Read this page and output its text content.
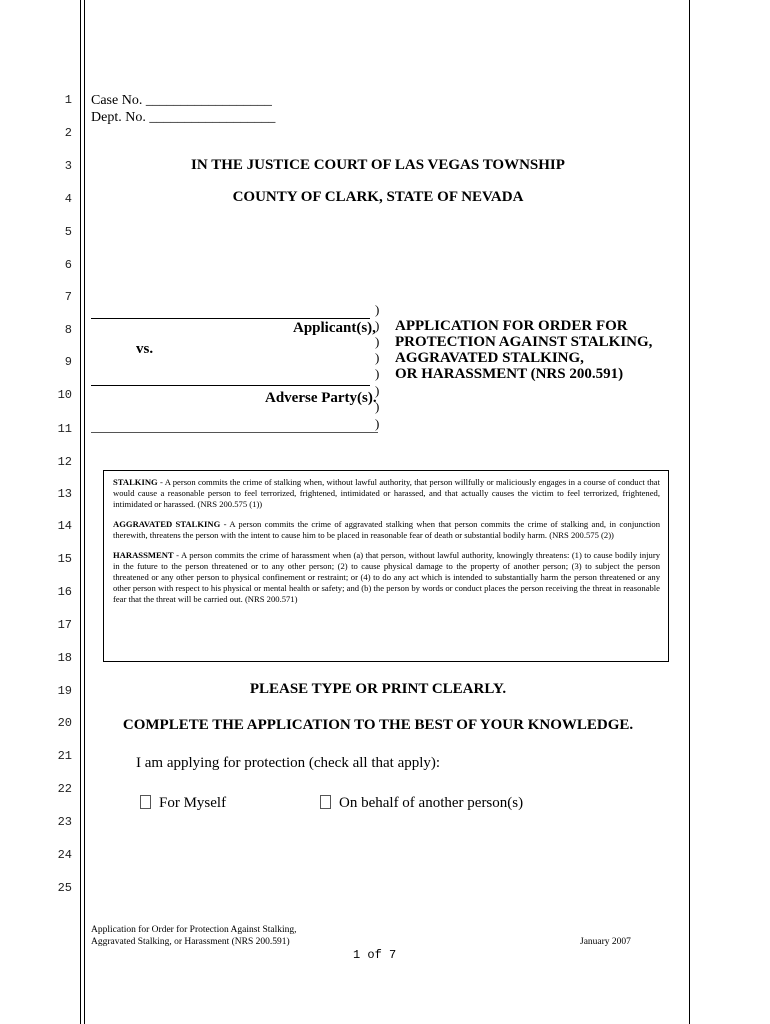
1
2
3
4
5
6
7
8
9
10
11
12
13
14
15
16
17
18
19
20
21
22
23
24
25
Case No. __________________
Dept. No. __________________
IN THE JUSTICE COURT OF LAS VEGAS TOWNSHIP
COUNTY OF CLARK, STATE OF NEVADA
Applicant(s),
vs.
Adverse Party(s).
)
)
)
)
)
)
)
)
APPLICATION FOR ORDER FOR
PROTECTION AGAINST STALKING,
AGGRAVATED STALKING,
OR HARASSMENT (NRS 200.591)

STALKING - A person commits the crime of stalking when, without lawful authority, that person willfully or maliciously engages in a course of conduct that would cause a reasonable person to feel terrorized, frightened, intimidated or harassed, and that actually causes the victim to feel terrorized, frightened, intimidated or harassed. (NRS 200.575 (1))

AGGRAVATED STALKING - A person commits the crime of aggravated stalking when that person commits the crime of stalking and, in conjunction therewith, threatens the person with the intent to cause him to be placed in reasonable fear of death or substantial bodily harm. (NRS 200.575 (2))

HARASSMENT - A person commits the crime of harassment when (a) that person, without lawful authority, knowingly threatens: (1) to cause bodily injury in the future to the person threatened or to any other person; (2) to cause physical damage to the property of another person; (3) to subject the person threatened or any other person to physical confinement or restraint; or (4) to do any act which is intended to substantially harm the person threatened or any other person with respect to his physical or mental health or safety; and (b) the person by words or conduct places the person receiving the threat in reasonable fear that the threat will be carried out. (NRS 200.571)

PLEASE TYPE OR PRINT CLEARLY.
COMPLETE THE APPLICATION TO THE BEST OF YOUR KNOWLEDGE.
I am applying for protection (check all that apply):
For Myself	On behalf of another person(s)
Application for Order for Protection Against Stalking,
Aggravated Stalking, or Harassment (NRS 200.591)	January 2007
1 of 7
